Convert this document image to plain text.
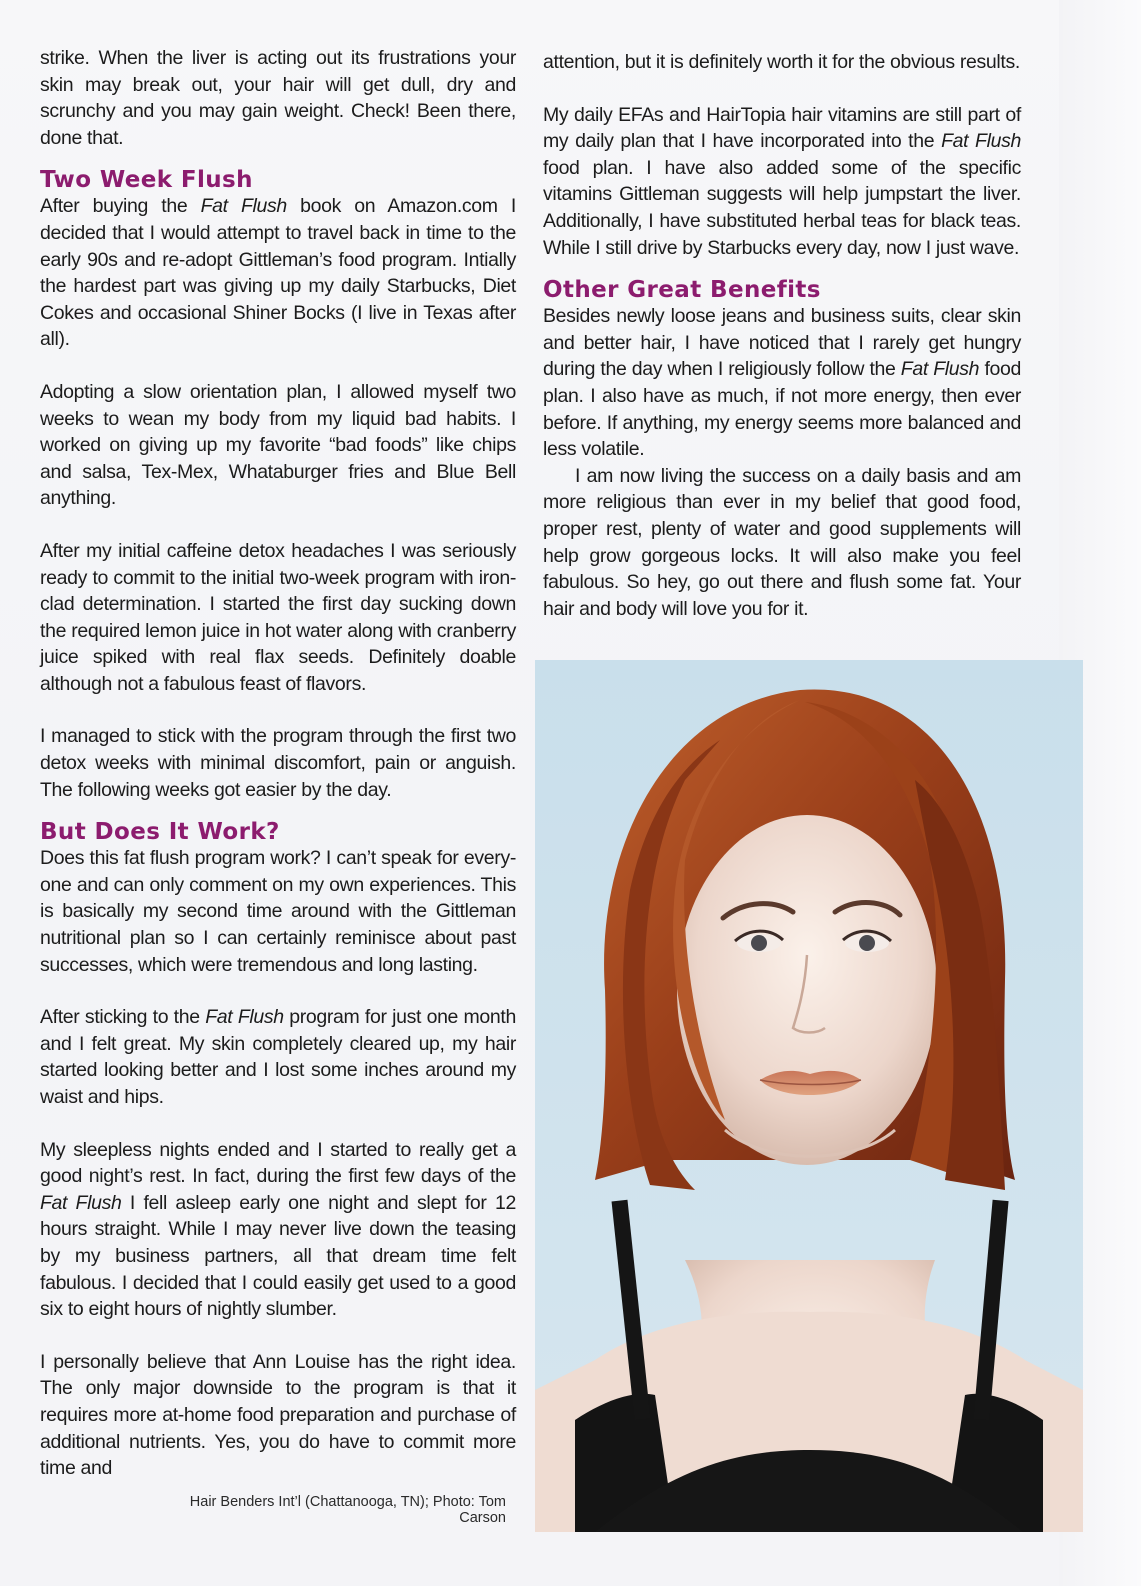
strike. When the liver is acting out its frustrations your skin may break out, your hair will get dull, dry and scrunchy and you may gain weight. Check! Been there, done that.

Two Week Flush

After buying the Fat Flush book on Amazon.com I decided that I would attempt to travel back in time to the early 90s and re-adopt Gittleman’s food program. Intially the hardest part was giving up my daily Starbucks, Diet Cokes and occasional Shiner Bocks (I live in Texas after all).

Adopting a slow orientation plan, I allowed myself two weeks to wean my body from my liquid bad habits. I worked on giving up my favorite “bad foods” like chips and salsa, Tex-Mex, Whataburger fries and Blue Bell anything.

After my initial caffeine detox headaches I was seriously ready to commit to the initial two-week program with iron-clad determination. I started the first day sucking down the required lemon juice in hot water along with cranberry juice spiked with real flax seeds. Definitely doable although not a fabulous feast of flavors.

I managed to stick with the program through the first two detox weeks with minimal discomfort, pain or anguish. The following weeks got easier by the day.

But Does It Work?

Does this fat flush program work? I can’t speak for every-one and can only comment on my own experiences. This is basically my second time around with the Gittleman nutritional plan so I can certainly reminisce about past successes, which were tremendous and long lasting.

After sticking to the Fat Flush program for just one month and I felt great. My skin completely cleared up, my hair started looking better and I lost some inches around my waist and hips.

My sleepless nights ended and I started to really get a good night’s rest. In fact, during the first few days of the Fat Flush I fell asleep early one night and slept for 12 hours straight. While I may never live down the teasing by my business partners, all that dream time felt fabulous. I decided that I could easily get used to a good six to eight hours of nightly slumber.

I personally believe that Ann Louise has the right idea. The only major downside to the program is that it requires more at-home food preparation and purchase of additional nutrients. Yes, you do have to commit more time and

attention, but it is definitely worth it for the obvious results.

My daily EFAs and HairTopia hair vitamins are still part of my daily plan that I have incorporated into the Fat Flush food plan. I have also added some of the specific vitamins Gittleman suggests will help jumpstart the liver. Additionally, I have substituted herbal teas for black teas. While I still drive by Starbucks every day, now I just wave.

Other Great Benefits

Besides newly loose jeans and business suits, clear skin and better hair, I have noticed that I rarely get hungry during the day when I religiously follow the Fat Flush food plan. I also have as much, if not more energy, then ever before. If anything, my energy seems more balanced and less volatile.

I am now living the success on a daily basis and am more religious than ever in my belief that good food, proper rest, plenty of water and good supplements will help grow gorgeous locks. It will also make you feel fabulous. So hey, go out there and flush some fat. Your hair and body will love you for it.

Hair Benders Int’l (Chattanooga, TN); Photo: Tom Carson
